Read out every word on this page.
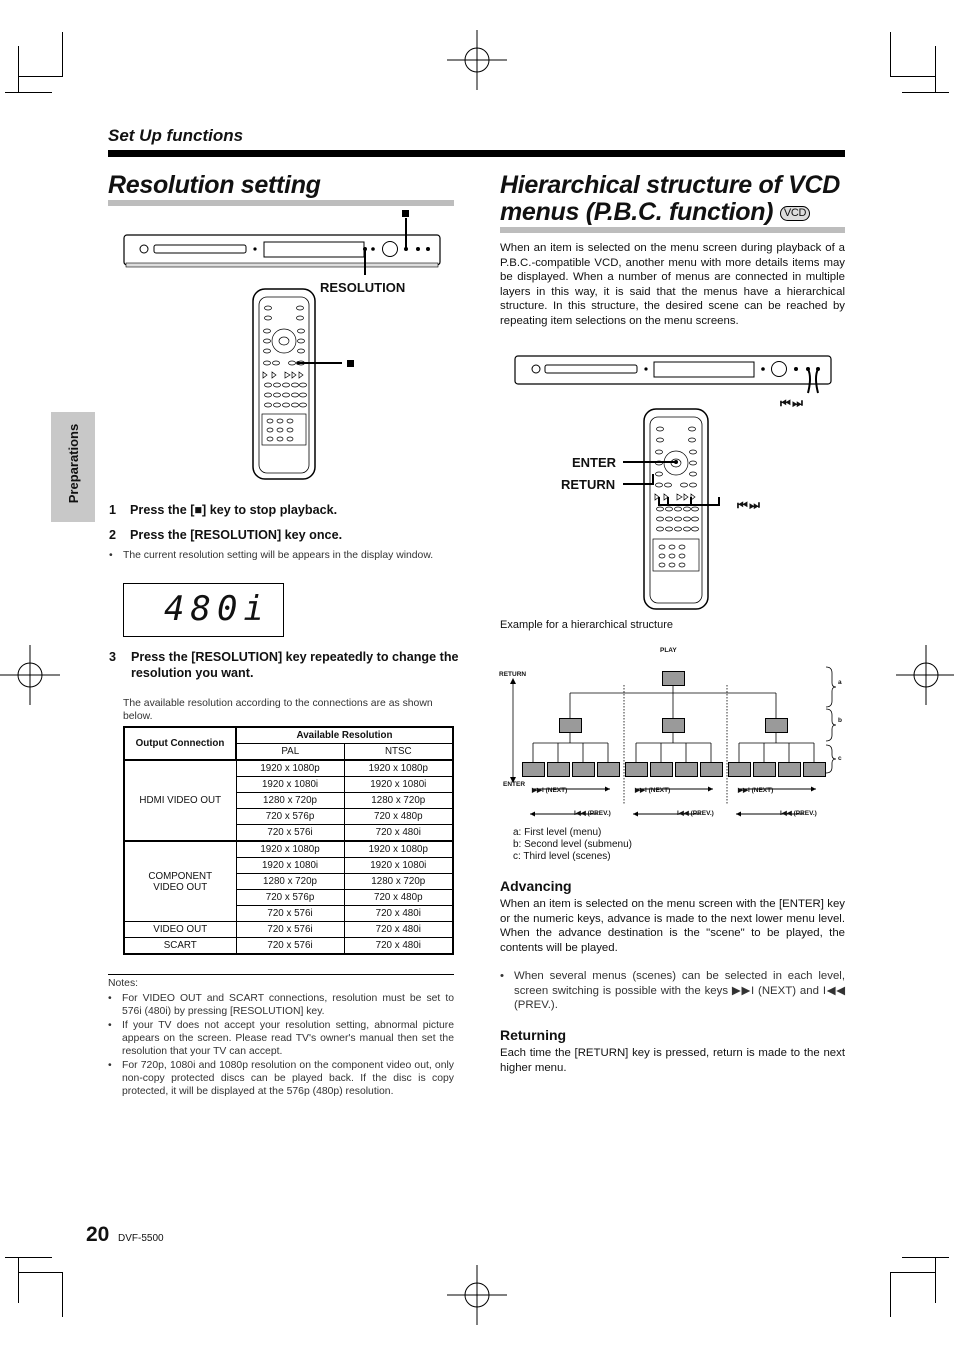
Set Up functions
Preparations
Resolution setting
RESOLUTION
1 Press the [■] key to stop playback.
2 Press the [RESOLUTION] key once.
• The current resolution setting will be appears in the display window.
480i
3 Press the [RESOLUTION] key repeatedly to change the resolution you want.
The available resolution according to the connections are as shown below.
Output Connection	Available Resolution	
	PAL	NTSC
HDMI VIDEO OUT	1920 x 1080p	1920 x 1080p
	1920 x 1080i	1920 x 1080i
	1280 x 720p	1280 x 720p
	720 x 576p	720 x 480p
	720 x 576i	720 x 480i
COMPONENT VIDEO OUT	1920 x 1080p	1920 x 1080p
	1920 x 1080i	1920 x 1080i
	1280 x 720p	1280 x 720p
	720 x 576p	720 x 480p
	720 x 576i	720 x 480i
VIDEO OUT	720 x 576i	720 x 480i
SCART	720 x 576i	720 x 480i
Notes:
• For VIDEO OUT and SCART connections, resolution must be set to 576i (480i) by pressing [RESOLUTION] key.
• If your TV does not accept your resolution setting, abnormal picture appears on the screen. Please read TV's owner's manual then set the resolution that your TV can accept.
• For 720p, 1080i and 1080p resolution on the component video out, only non-copy protected discs can be played back. If the disc is copy protected, it will be displayed at the 576p (480p) resolution.
Hierarchical structure of VCD
menus (P.B.C. function) VCD
When an item is selected on the menu screen during playback of a P.B.C.-compatible VCD, another menu with more details items may be displayed. When a number of menus are connected in multiple layers in this way, it is said that the menus have a hierarchical structure. In this structure, the desired scene can be reached by repeating item selections on the menu screens.
⏮ ⏭
⏮ ⏭
ENTER
RETURN
Example for a hierarchical structure
PLAY
RETURN
ENTER
a
b
c
▶▶I (NEXT)	▶▶I (NEXT)	▶▶I (NEXT)
I◀◀ (PREV.)	I◀◀ (PREV.)	I◀◀ (PREV.)
a: First level (menu)
b: Second level (submenu)
c: Third level (scenes)
Advancing
When an item is selected on the menu screen with the [ENTER] key or the numeric keys, advance is made to the next lower menu level. When the advance destination is the "scene" to be played, the contents will be played.
• When several menus (scenes) can be selected in each level, screen switching is possible with the keys ▶▶I (NEXT) and I◀◀ (PREV.).
Returning
Each time the [RETURN] key is pressed, return is made to the next higher menu.
20 DVF-5500
